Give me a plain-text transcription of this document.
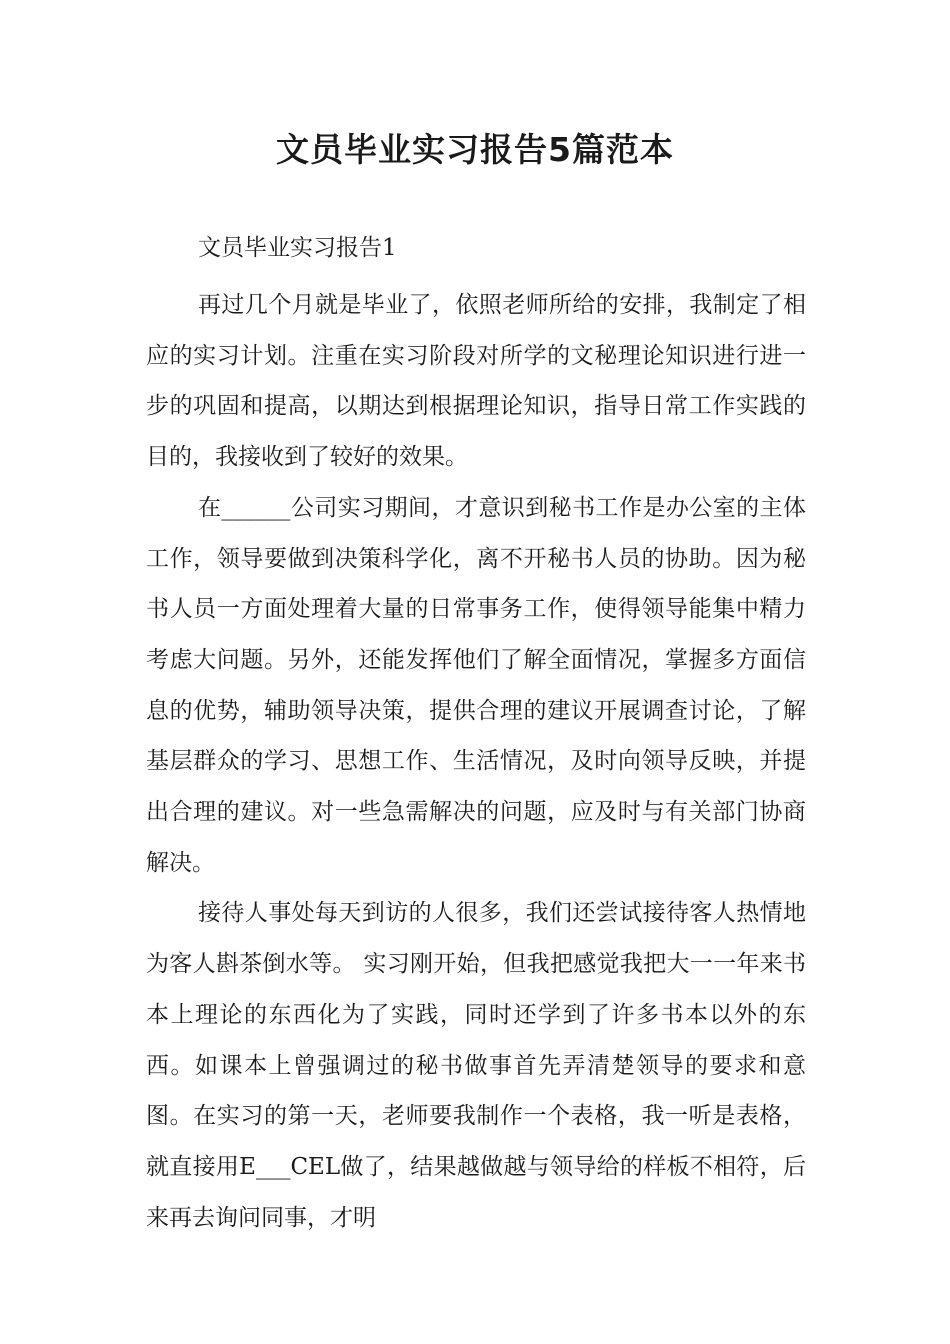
文员毕业实习报告5篇范本
文员毕业实习报告1

再过几个月就是毕业了，依照老师所给的安排，我制定了相应的实习计划。注重在实习阶段对所学的文秘理论知识进行进一步的巩固和提高，以期达到根据理论知识，指导日常工作实践的目的，我接收到了较好的效果。

在______公司实习期间，才意识到秘书工作是办公室的主体工作，领导要做到决策科学化，离不开秘书人员的协助。因为秘书人员一方面处理着大量的日常事务工作，使得领导能集中精力考虑大问题。另外，还能发挥他们了解全面情况，掌握多方面信息的优势，辅助领导决策，提供合理的建议开展调查讨论，了解基层群众的学习、思想工作、生活情况，及时向领导反映，并提出合理的建议。对一些急需解决的问题，应及时与有关部门协商解决。

接待人事处每天到访的人很多，我们还尝试接待客人热情地为客人斟茶倒水等。 实习刚开始，但我把感觉我把大一一年来书本上理论的东西化为了实践，同时还学到了许多书本以外的东西。如课本上曾强调过的秘书做事首先弄清楚领导的要求和意图。在实习的第一天，老师要我制作一个表格，我一听是表格，就直接用E___CEL做了，结果越做越与领导给的样板不相符，后来再去询问同事，才明
